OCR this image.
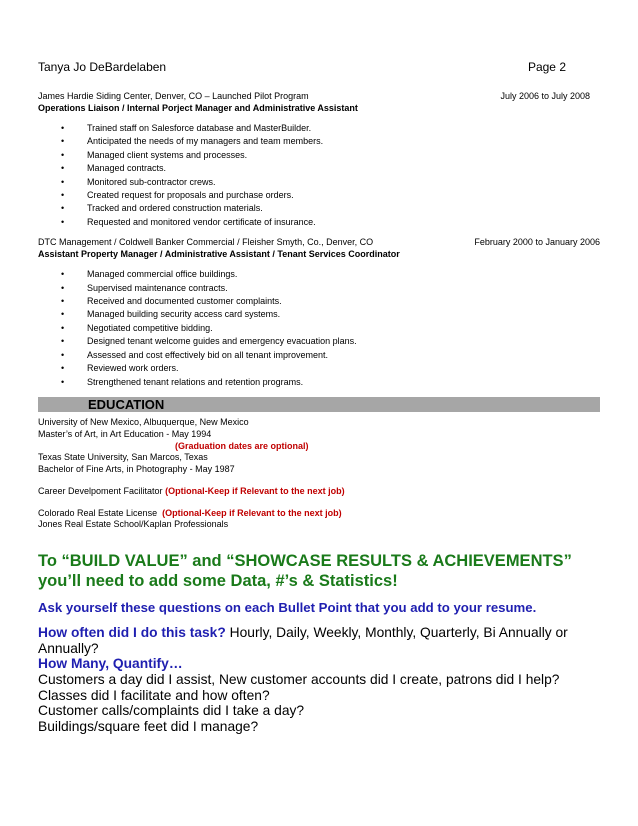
Tanya Jo DeBardelaben	Page 2
James Hardie Siding Center, Denver, CO – Launched Pilot Program	July 2006 to July 2008
Operations Liaison / Internal Porject Manager and Administrative Assistant
•	Trained staff on Salesforce database and MasterBuilder.
•	Anticipated the needs of my managers and team members.
•	Managed client systems and processes.
•	Managed contracts.
•	Monitored sub-contractor crews.
•	Created request for proposals and purchase orders.
•	Tracked and ordered construction materials.
•	Requested and monitored vendor certificate of insurance.
DTC Management / Coldwell Banker Commercial / Fleisher Smyth, Co., Denver, CO	February 2000 to January 2006
Assistant Property Manager / Administrative Assistant / Tenant Services Coordinator
•	Managed commercial office buildings.
•	Supervised maintenance contracts.
•	Received and documented customer complaints.
•	Managed building security access card systems.
•	Negotiated competitive bidding.
•	Designed tenant welcome guides and emergency evacuation plans.
•	Assessed and cost effectively bid on all tenant improvement.
•	Reviewed work orders.
•	Strengthened tenant relations and retention programs.
EDUCATION
University of New Mexico, Albuquerque, New Mexico
Master’s of Art, in Art Education - May 1994
(Graduation dates are optional)
Texas State University, San Marcos, Texas
Bachelor of Fine Arts, in Photography - May 1987
Career Develpoment Facilitator (Optional-Keep if Relevant to the next job)
Colorado Real Estate License (Optional-Keep if Relevant to the next job)
Jones Real Estate School/Kaplan Professionals
To “BUILD VALUE” and “SHOWCASE RESULTS & ACHIEVEMENTS” you’ll need to add some Data, #’s & Statistics!
Ask yourself these questions on each Bullet Point that you add to your resume.

How often did I do this task? Hourly, Daily, Weekly, Monthly, Quarterly, Bi Annually or Annually?

How Many, Quantify…

Customers a day did I assist, New customer accounts did I create, patrons did I help?

Classes did I facilitate and how often?

Customer calls/complaints did I take a day?

Buildings/square feet did I manage?
